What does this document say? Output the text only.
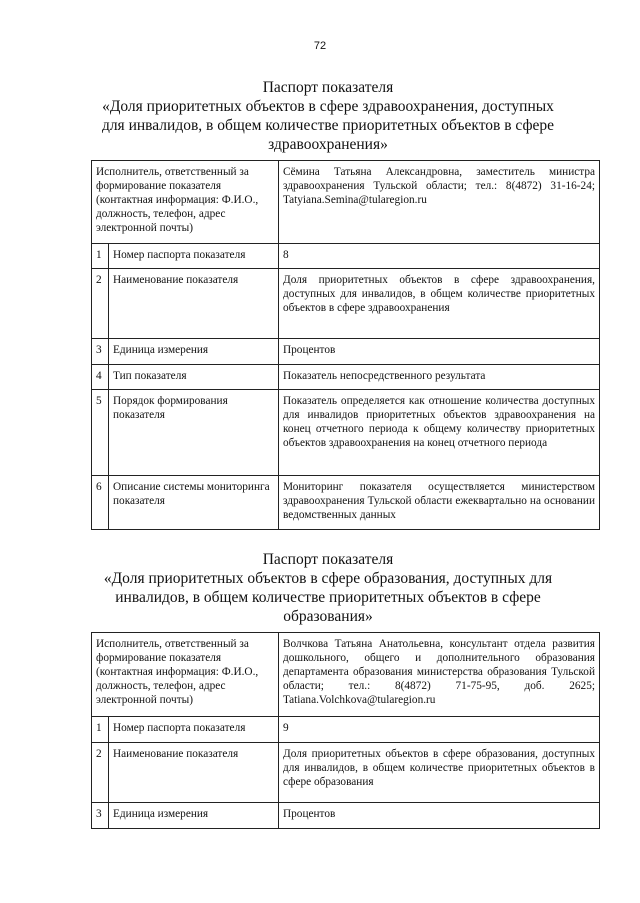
72
Паспорт показателя
«Доля приоритетных объектов в сфере здравоохранения, доступных
для инвалидов, в общем количестве приоритетных объектов в сфере
здравоохранения»
Исполнитель, ответственный за формирование показателя (контактная информация: Ф.И.О., должность, телефон, адрес электронной почты)		Сёмина Татьяна Александровна, заместитель министра здравоохранения Тульской области; тел.: 8(4872) 31-16-24; Tatyiana.Semina@tularegion.ru
1	Номер паспорта показателя	8
2	Наименование показателя	Доля приоритетных объектов в сфере здравоохранения, доступных для инвалидов, в общем количестве приоритетных объектов в сфере здравоохранения
3	Единица измерения	Процентов
4	Тип показателя	Показатель непосредственного результата
5	Порядок формирования показателя	Показатель определяется как отношение количества доступных для инвалидов приоритетных объектов здравоохранения на конец отчетного периода к общему количеству приоритетных объектов здравоохранения на конец отчетного периода
6	Описание системы мониторинга показателя	Мониторинг показателя осуществляется министерством здравоохранения Тульской области ежеквартально на основании ведомственных данных
Паспорт показателя
«Доля приоритетных объектов в сфере образования, доступных для
инвалидов, в общем количестве приоритетных объектов в сфере
образования»
Исполнитель, ответственный за формирование показателя (контактная информация: Ф.И.О., должность, телефон, адрес электронной почты)		Волчкова Татьяна Анатольевна, консультант отдела развития дошкольного, общего и дополнительного образования департамента образования министерства образования Тульской области; тел.: 8(4872) 71-75-95, доб. 2625; Tatiana.Volchkova@tularegion.ru
1	Номер паспорта показателя	9
2	Наименование показателя	Доля приоритетных объектов в сфере образования, доступных для инвалидов, в общем количестве приоритетных объектов в сфере образования
3	Единица измерения	Процентов
